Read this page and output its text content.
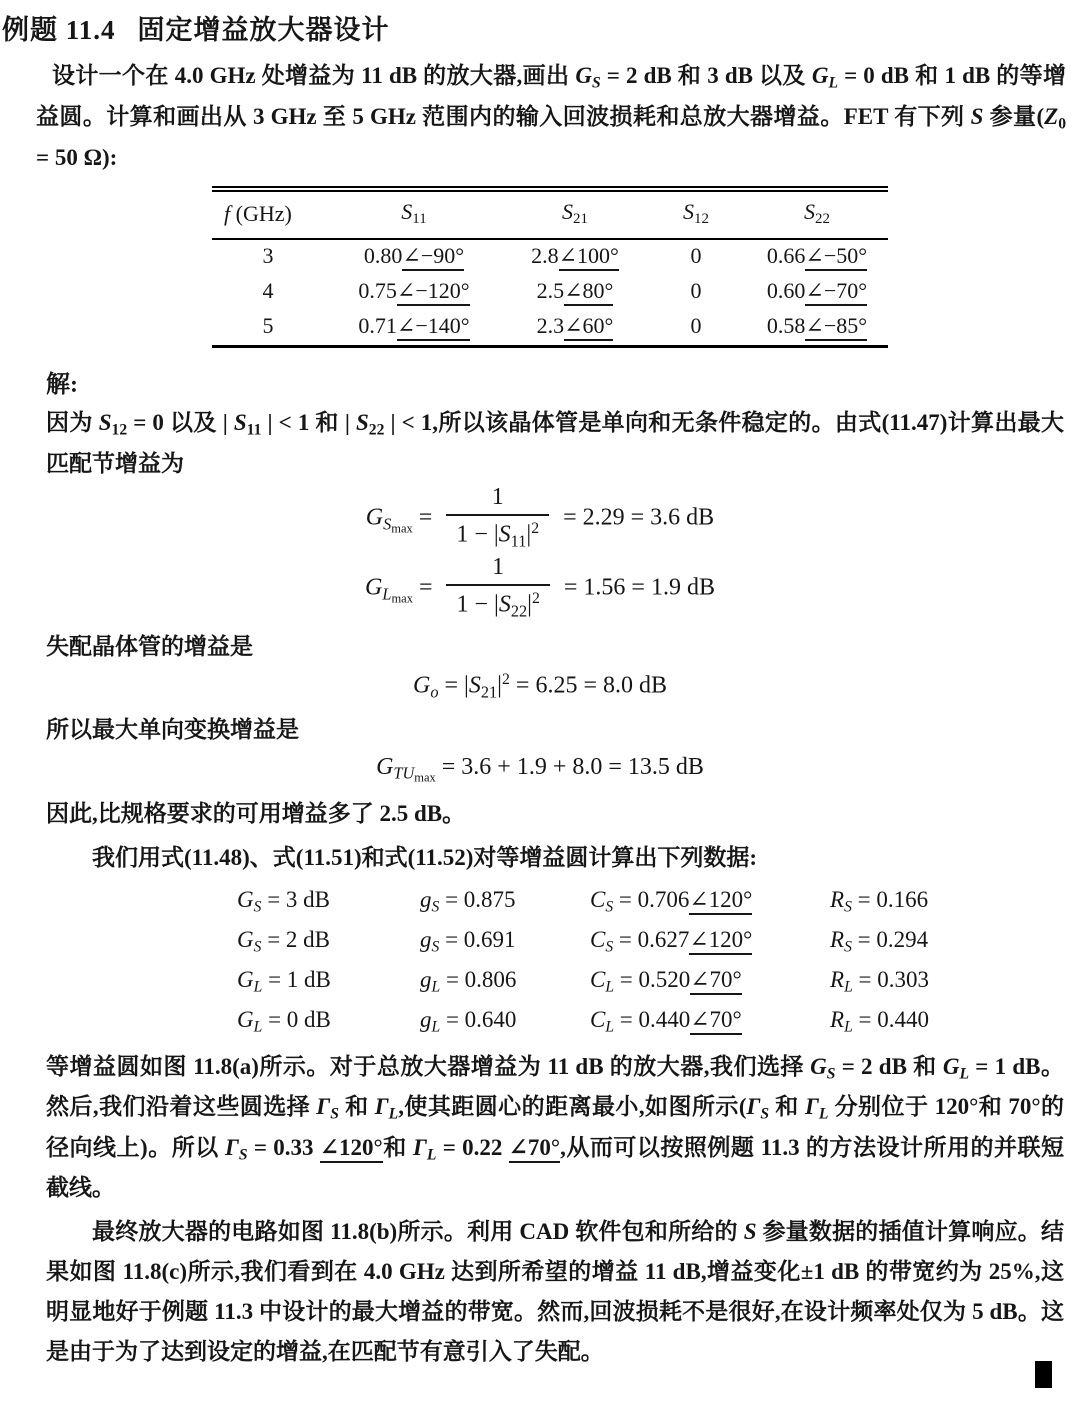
例题 11.4 固定增益放大器设计

设计一个在 4.0 GHz 处增益为 11 dB 的放大器,画出 GS = 2 dB 和 3 dB 以及 GL = 0 dB 和 1 dB 的等增益圆。计算和画出从 3 GHz 至 5 GHz 范围内的输入回波损耗和总放大器增益。FET 有下列 S 参量(Z0 = 50 Ω):

f (GHz)	S11	S21	S12	S22
3	0.80∠−90°	2.8∠100°	0	0.66∠−50°
4	0.75∠−120°	2.5∠80°	0	0.60∠−70°
5	0.71∠−140°	2.3∠60°	0	0.58∠−85°

解:

因为 S12 = 0 以及 | S11 | < 1 和 | S22 | < 1,所以该晶体管是单向和无条件稳定的。由式(11.47)计算出最大匹配节增益为

$GS_{max} = \frac{1}{1 - |S11|^2} = 2.29 = 3.6$ dB
$GL_{max} = \frac{1}{1 - |S22|^2} = 1.56 = 1.9$ dB

失配晶体管的增益是

$Go = |S21|^2 = 6.25 = 8.0$ dB

所以最大单向变换增益是

$GTU_{max} = 3.6 + 1.9 + 8.0 = 13.5$ dB

因此,比规格要求的可用增益多了 2.5 dB。

我们用式(11.48)、式(11.51)和式(11.52)对等增益圆计算出下列数据:

GS = 3 dB	gS = 0.875	CS = 0.706∠120°	RS = 0.166
GS = 2 dB	gS = 0.691	CS = 0.627∠120°	RS = 0.294
GL = 1 dB	gL = 0.806	CL = 0.520∠70°	RL = 0.303
GL = 0 dB	gL = 0.640	CL = 0.440∠70°	RL = 0.440

等增益圆如图 11.8(a)所示。对于总放大器增益为 11 dB 的放大器,我们选择 GS = 2 dB 和 GL = 1 dB。然后,我们沿着这些圆选择 ΓS 和 ΓL,使其距圆心的距离最小,如图所示(ΓS 和 ΓL 分别位于 120°和 70°的径向线上)。所以 ΓS = 0.33 ∠120°和 ΓL = 0.22 ∠70°,从而可以按照例题 11.3 的方法设计所用的并联短截线。

最终放大器的电路如图 11.8(b)所示。利用 CAD 软件包和所给的 S 参量数据的插值计算响应。结果如图 11.8(c)所示,我们看到在 4.0 GHz 达到所希望的增益 11 dB,增益变化±1 dB 的带宽约为 25%,这明显地好于例题 11.3 中设计的最大增益的带宽。然而,回波损耗不是很好,在设计频率处仅为 5 dB。这是由于为了达到设定的增益,在匹配节有意引入了失配。
